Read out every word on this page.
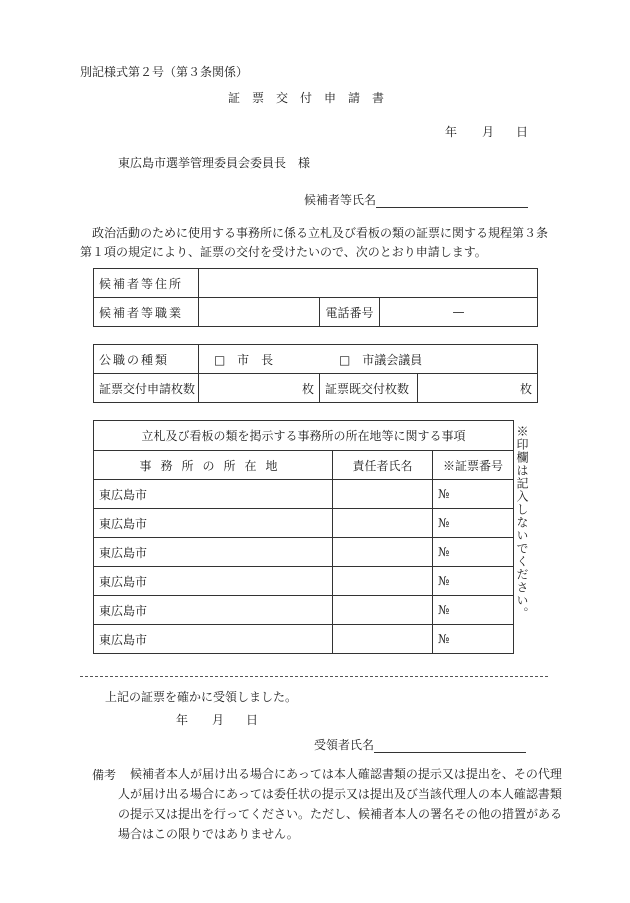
別記様式第２号（第３条関係）
証　票　交　付　申　請　書
年 月 日
東広島市選挙管理委員会委員長　様
候補者等氏名
　政治活動のために使用する事務所に係る立札及び看板の類の証票に関する規程第３条
第１項の規定により、証票の交付を受けたいので、次のとおり申請します。
候補者等住所			
候補者等職業		電話番号	—
公職の種類	□ 市　長 □ 市議会議員		
証票交付申請枚数	枚	証票既交付枚数	枚
立札及び看板の類を掲示する事務所の所在地等に関する事項		
事務所の所在地	責任者氏名	※証票番号
東広島市		№
東広島市		№
東広島市		№
東広島市		№
東広島市		№
東広島市		№
※印欄は記入しないでください。
上記の証票を確かに受領しました。
年 月 日
受領者氏名
備考 候補者本人が届け出る場合にあっては本人確認書類の提示又は提出を、その代理
人が届け出る場合にあっては委任状の提示又は提出及び当該代理人の本人確認書類
の提示又は提出を行ってください。ただし、候補者本人の署名その他の措置がある
場合はこの限りではありません。
